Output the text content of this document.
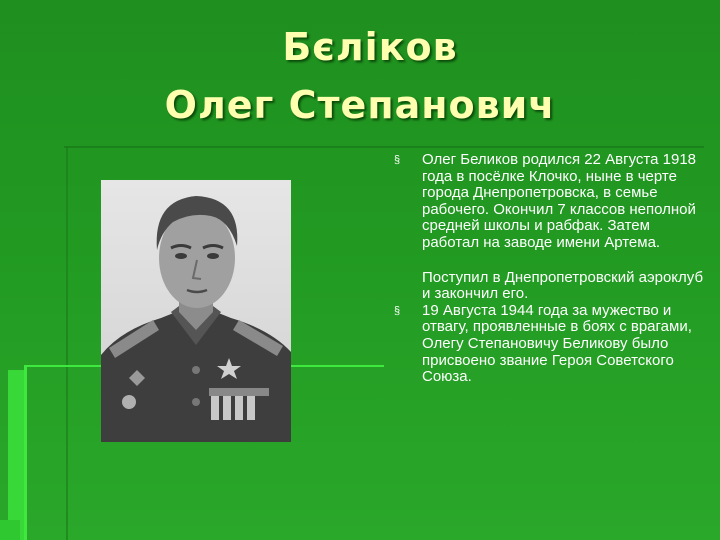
Бєліков
Олег Степанович
§ Олег Беликов родился 22 Августа 1918 года в посёлке Клочко, ныне в черте города Днепропетровска, в семье рабочего. Окончил 7 классов неполной средней школы и рабфак. Затем работал на заводе имени Артема.

Поступил в Днепропетровский аэроклуб и закончил его.

§ 19 Августа 1944 года за мужество и отвагу, проявленные в боях с врагами, Олегу Степановичу Беликову было присвоено звание Героя Советского Союза.
